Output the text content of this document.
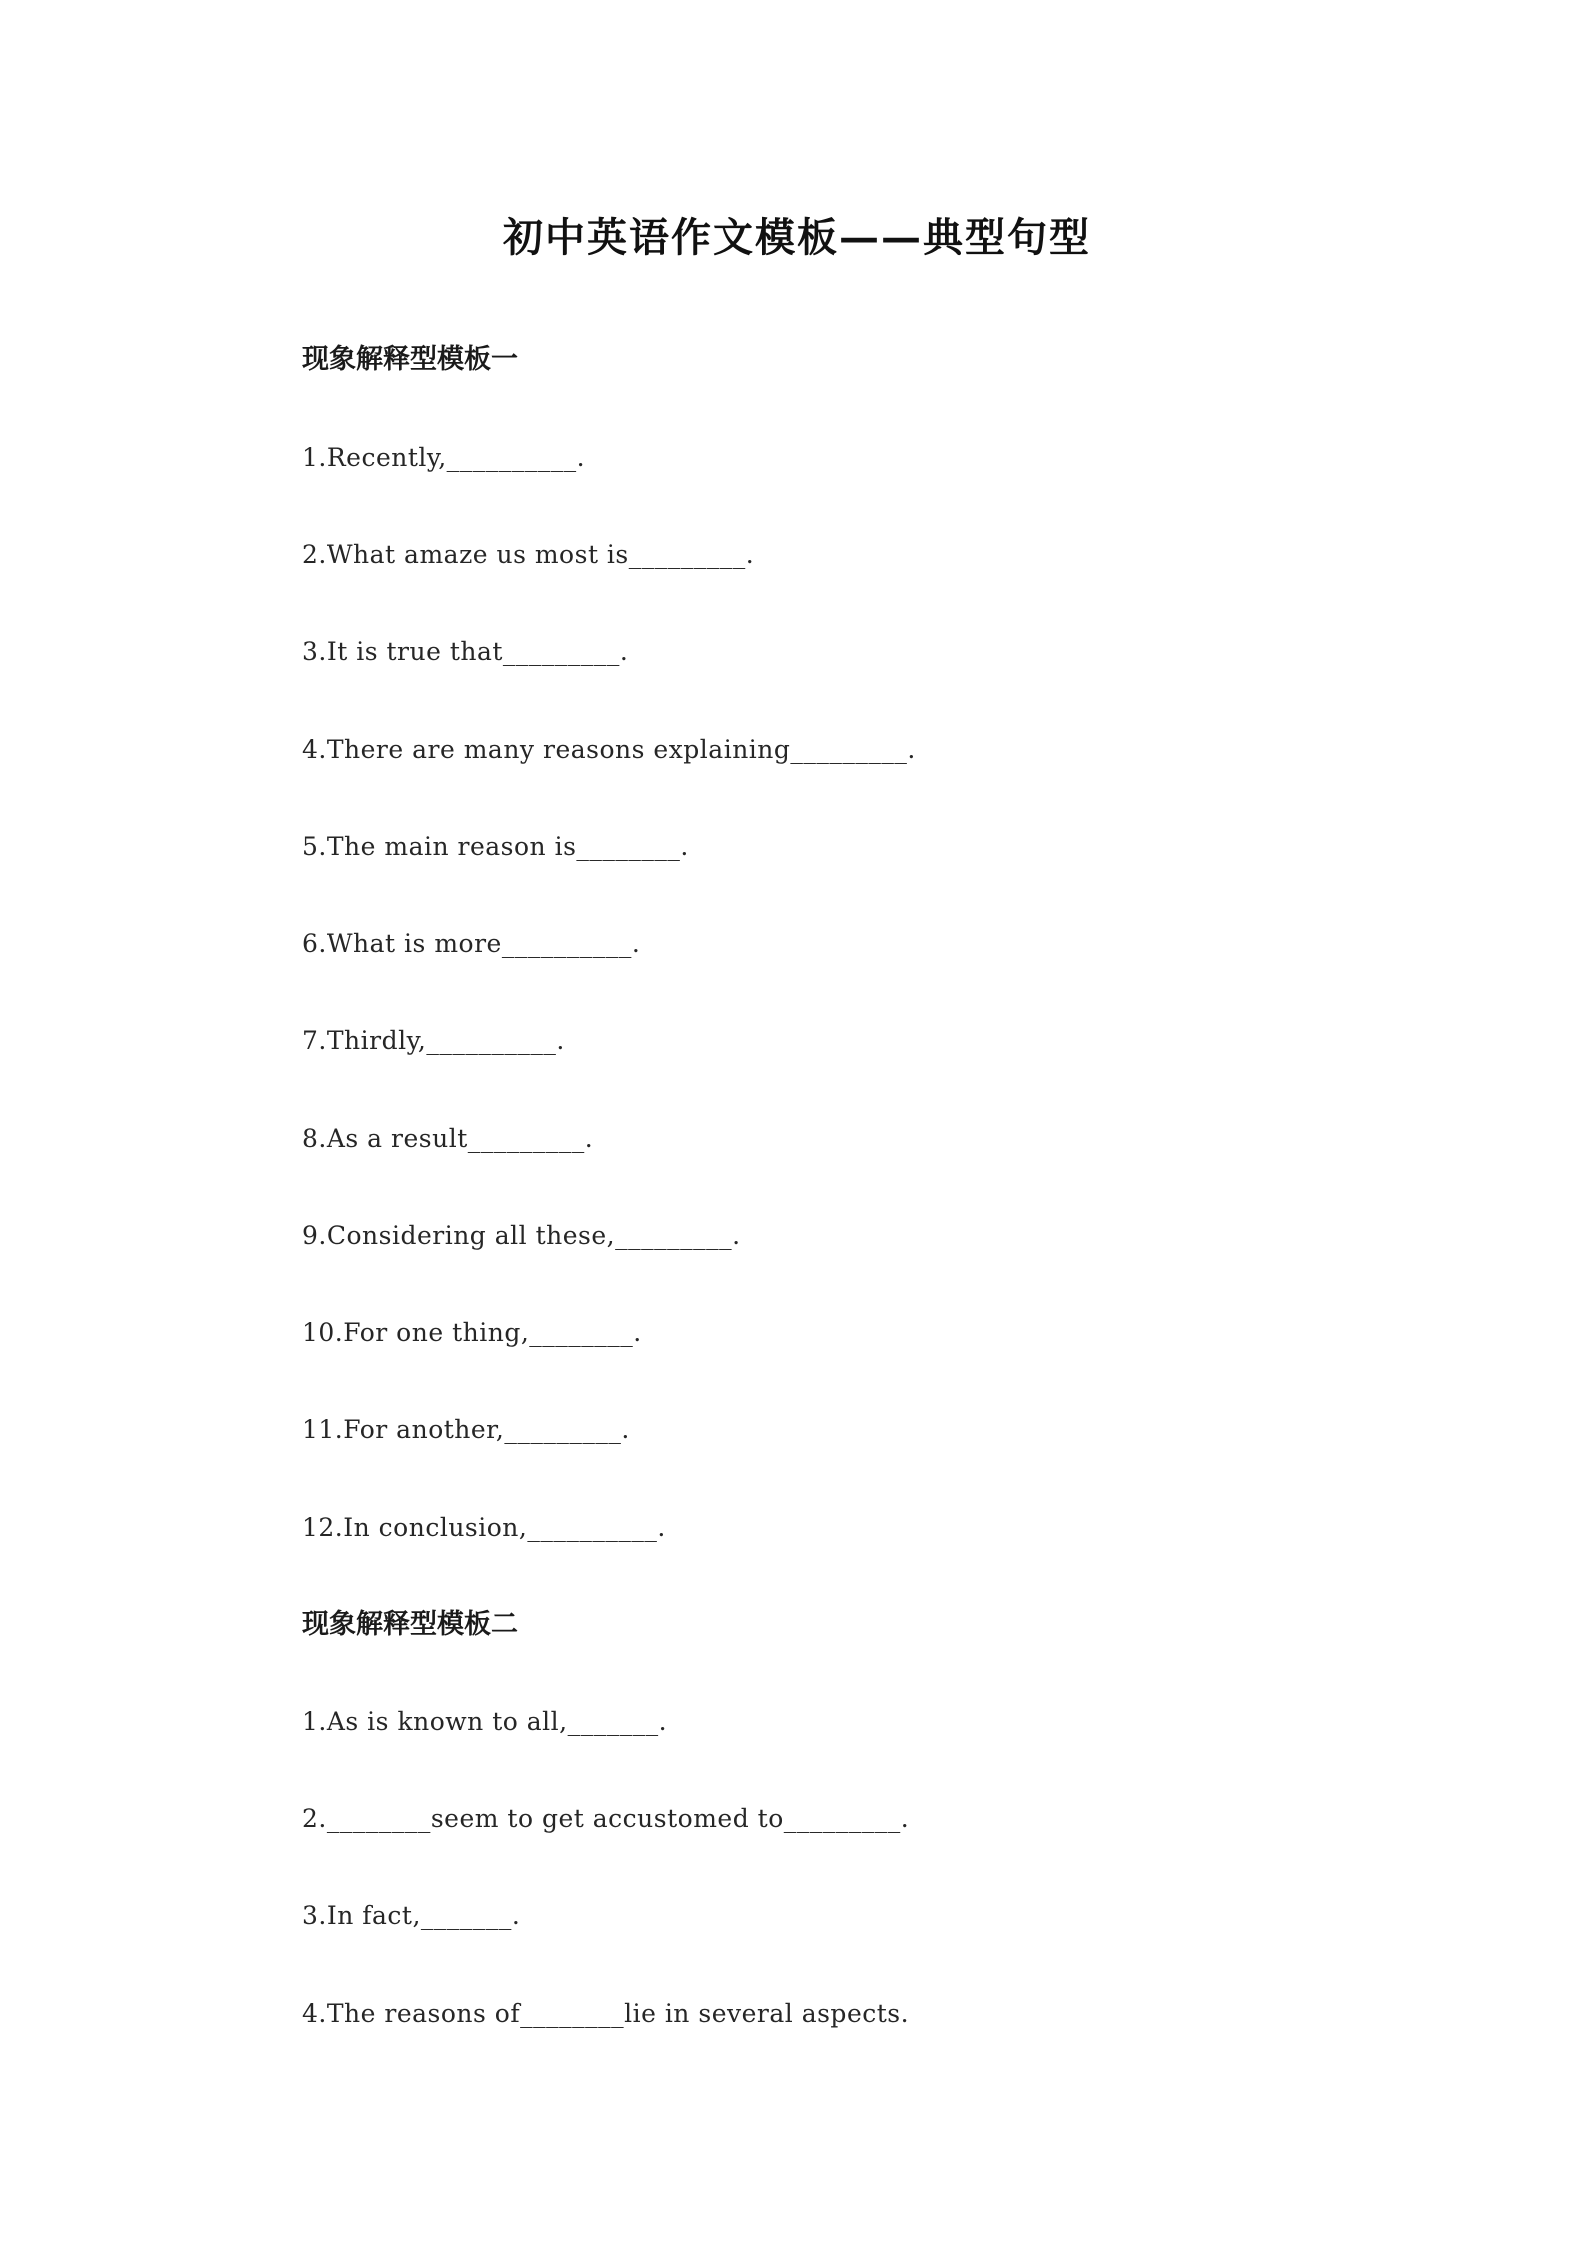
初中英语作文模板——典型句型
现象解释型模板一
1.Recently,__________.
2.What amaze us most is_________.
3.It is true that_________.
4.There are many reasons explaining_________.
5.The main reason is________.
6.What is more__________.
7.Thirdly,__________.
8.As a result_________.
9.Considering all these,_________.
10.For one thing,________.
11.For another,_________.
12.In conclusion,__________.
现象解释型模板二
1.As is known to all,_______.
2.________seem to get accustomed to_________.
3.In fact,_______.
4.The reasons of________lie in several aspects.
